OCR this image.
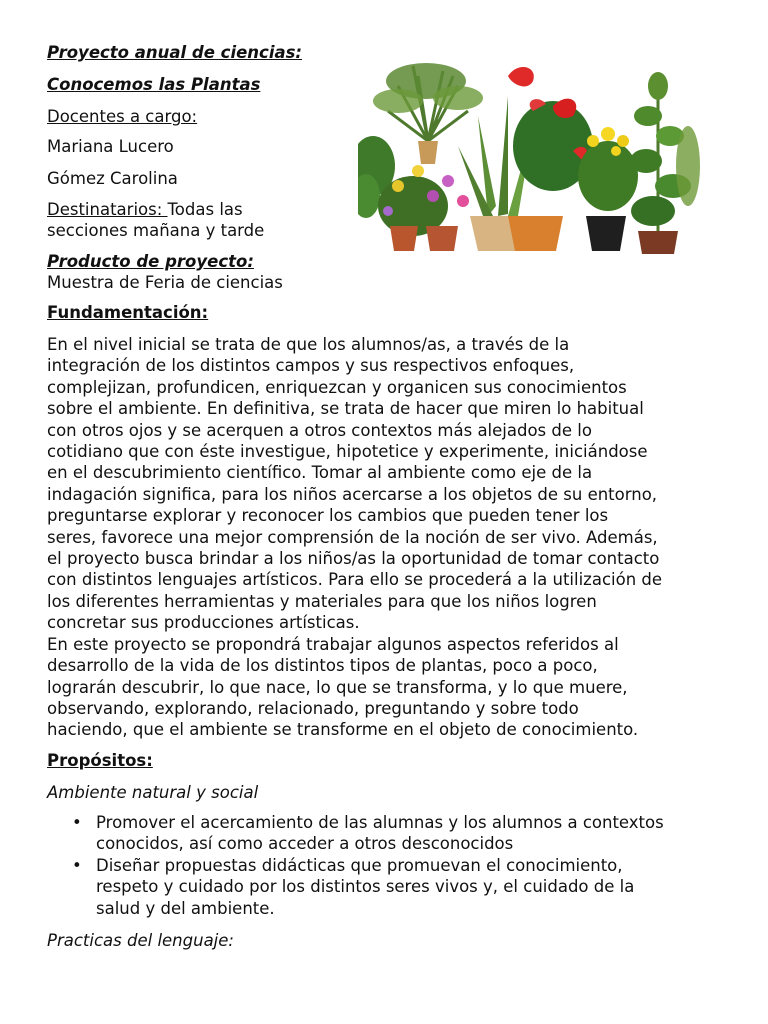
Proyecto anual de ciencias:
Conocemos las Plantas
Docentes a cargo:
Mariana Lucero
Gómez Carolina
Destinatarios: Todas las
secciones mañana y tarde
Producto de proyecto:
Muestra de Feria de ciencias
Fundamentación:

En el nivel inicial se trata de que los alumnos/as, a través de la

integración de los distintos campos y sus respectivos enfoques,

complejizan, profundicen, enriquezcan y organicen sus conocimientos

sobre el ambiente. En definitiva, se trata de hacer que miren lo habitual

con otros ojos y se acerquen a otros contextos más alejados de lo

cotidiano que con éste investigue, hipotetice y experimente, iniciándose

en el descubrimiento científico. Tomar al ambiente como eje de la

indagación significa, para los niños acercarse a los objetos de su entorno,

preguntarse explorar y reconocer los cambios que pueden tener los

seres, favorece una mejor comprensión de la noción de ser vivo. Además,

el proyecto busca brindar a los niños/as la oportunidad de tomar contacto

con distintos lenguajes artísticos. Para ello se procederá a la utilización de

los diferentes herramientas y materiales para que los niños logren

concretar sus producciones artísticas.

En este proyecto se propondrá trabajar algunos aspectos referidos al

desarrollo de la vida de los distintos tipos de plantas, poco a poco,

lograrán descubrir, lo que nace, lo que se transforma, y lo que muere,

observando, explorando, relacionado, preguntando y sobre todo

haciendo, que el ambiente se transforme en el objeto de conocimiento.

Propósitos:
Ambiente natural y social
• Promover el acercamiento de las alumnas y los alumnos a contextos
conocidos, así como acceder a otros desconocidos
• Diseñar propuestas didácticas que promuevan el conocimiento,
respeto y cuidado por los distintos seres vivos y, el cuidado de la
salud y del ambiente.
Practicas del lenguaje:
